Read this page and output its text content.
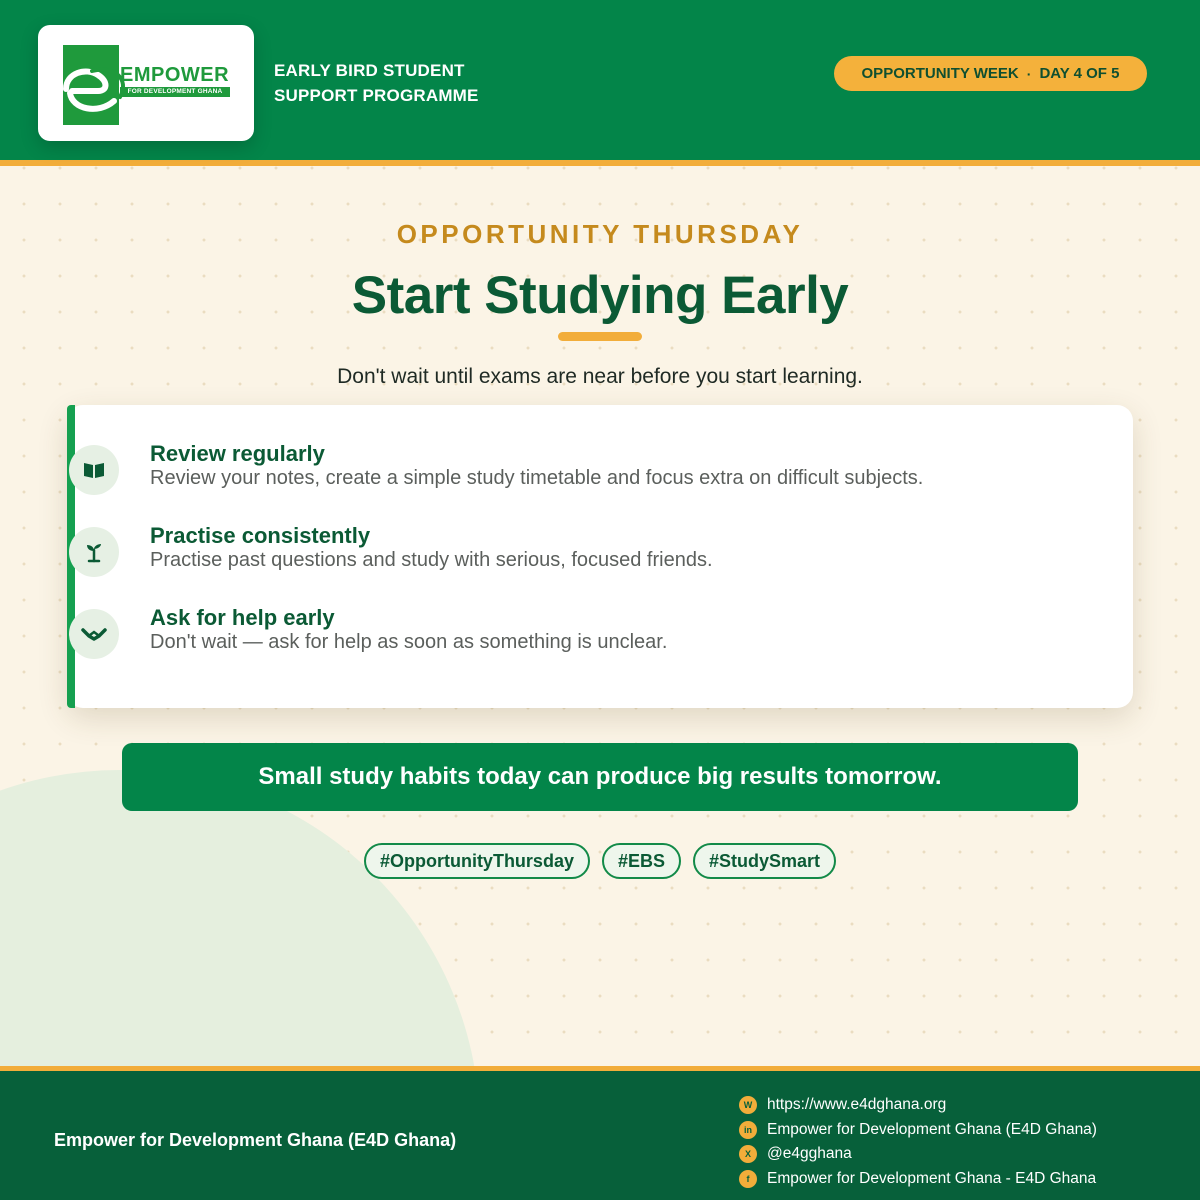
EMPOWER
FOR DEVELOPMENT GHANA
EARLY BIRD STUDENT
SUPPORT PROGRAMME
OPPORTUNITY WEEK · DAY 4 OF 5
OPPORTUNITY THURSDAY
Start Studying Early
Don't wait until exams are near before you start learning.
Review regularly
Review your notes, create a simple study timetable and focus extra on difficult subjects.
Practise consistently
Practise past questions and study with serious, focused friends.
Ask for help early
Don't wait — ask for help as soon as something is unclear.
Small study habits today can produce big results tomorrow.
#OpportunityThursday	#EBS	#StudySmart
Empower for Development Ghana (E4D Ghana)
W https://www.e4dghana.org
in Empower for Development Ghana (E4D Ghana)
X	@e4gghana
f	Empower for Development Ghana - E4D Ghana
